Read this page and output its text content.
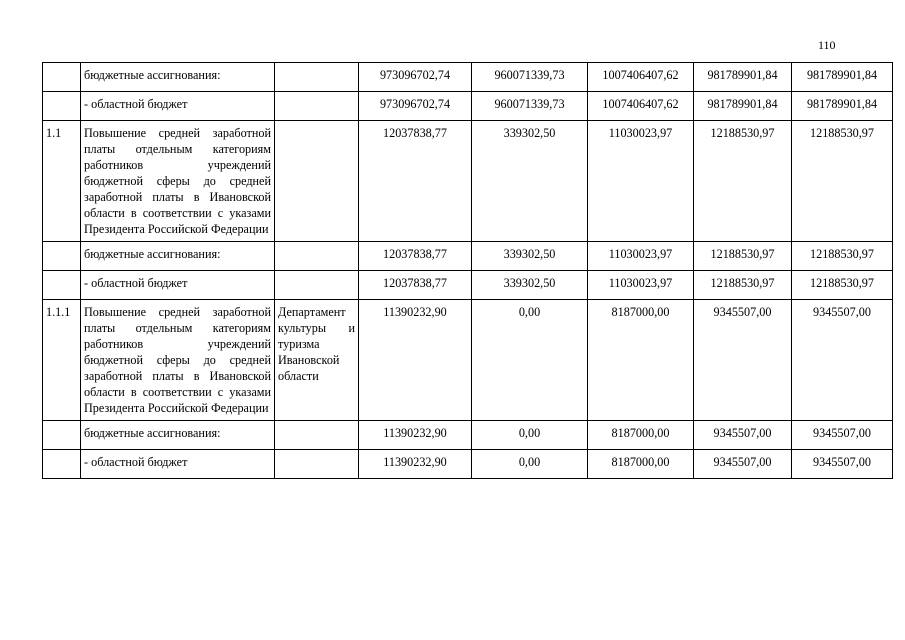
110
	бюджетные ассигнования:		973096702,74	960071339,73	1007406407,62	981789901,84	981789901,84
	- областной бюджет		973096702,74	960071339,73	1007406407,62	981789901,84	981789901,84
1.1	Повышение средней заработной платы отдельным категориям работников учреждений бюджетной сферы до средней заработной платы в Ивановской области в соответствии с указами Президента Российской Федерации		12037838,77	339302,50	11030023,97	12188530,97	12188530,97
	бюджетные ассигнования:		12037838,77	339302,50	11030023,97	12188530,97	12188530,97
	- областной бюджет		12037838,77	339302,50	11030023,97	12188530,97	12188530,97
1.1.1	Повышение средней заработной платы отдельным категориям работников учреждений бюджетной сферы до средней заработной платы в Ивановской области в соответствии с указами Президента Российской Федерации	Департамент культуры и туризма Ивановской области	11390232,90	0,00	8187000,00	9345507,00	9345507,00
	бюджетные ассигнования:		11390232,90	0,00	8187000,00	9345507,00	9345507,00
	- областной бюджет		11390232,90	0,00	8187000,00	9345507,00	9345507,00
